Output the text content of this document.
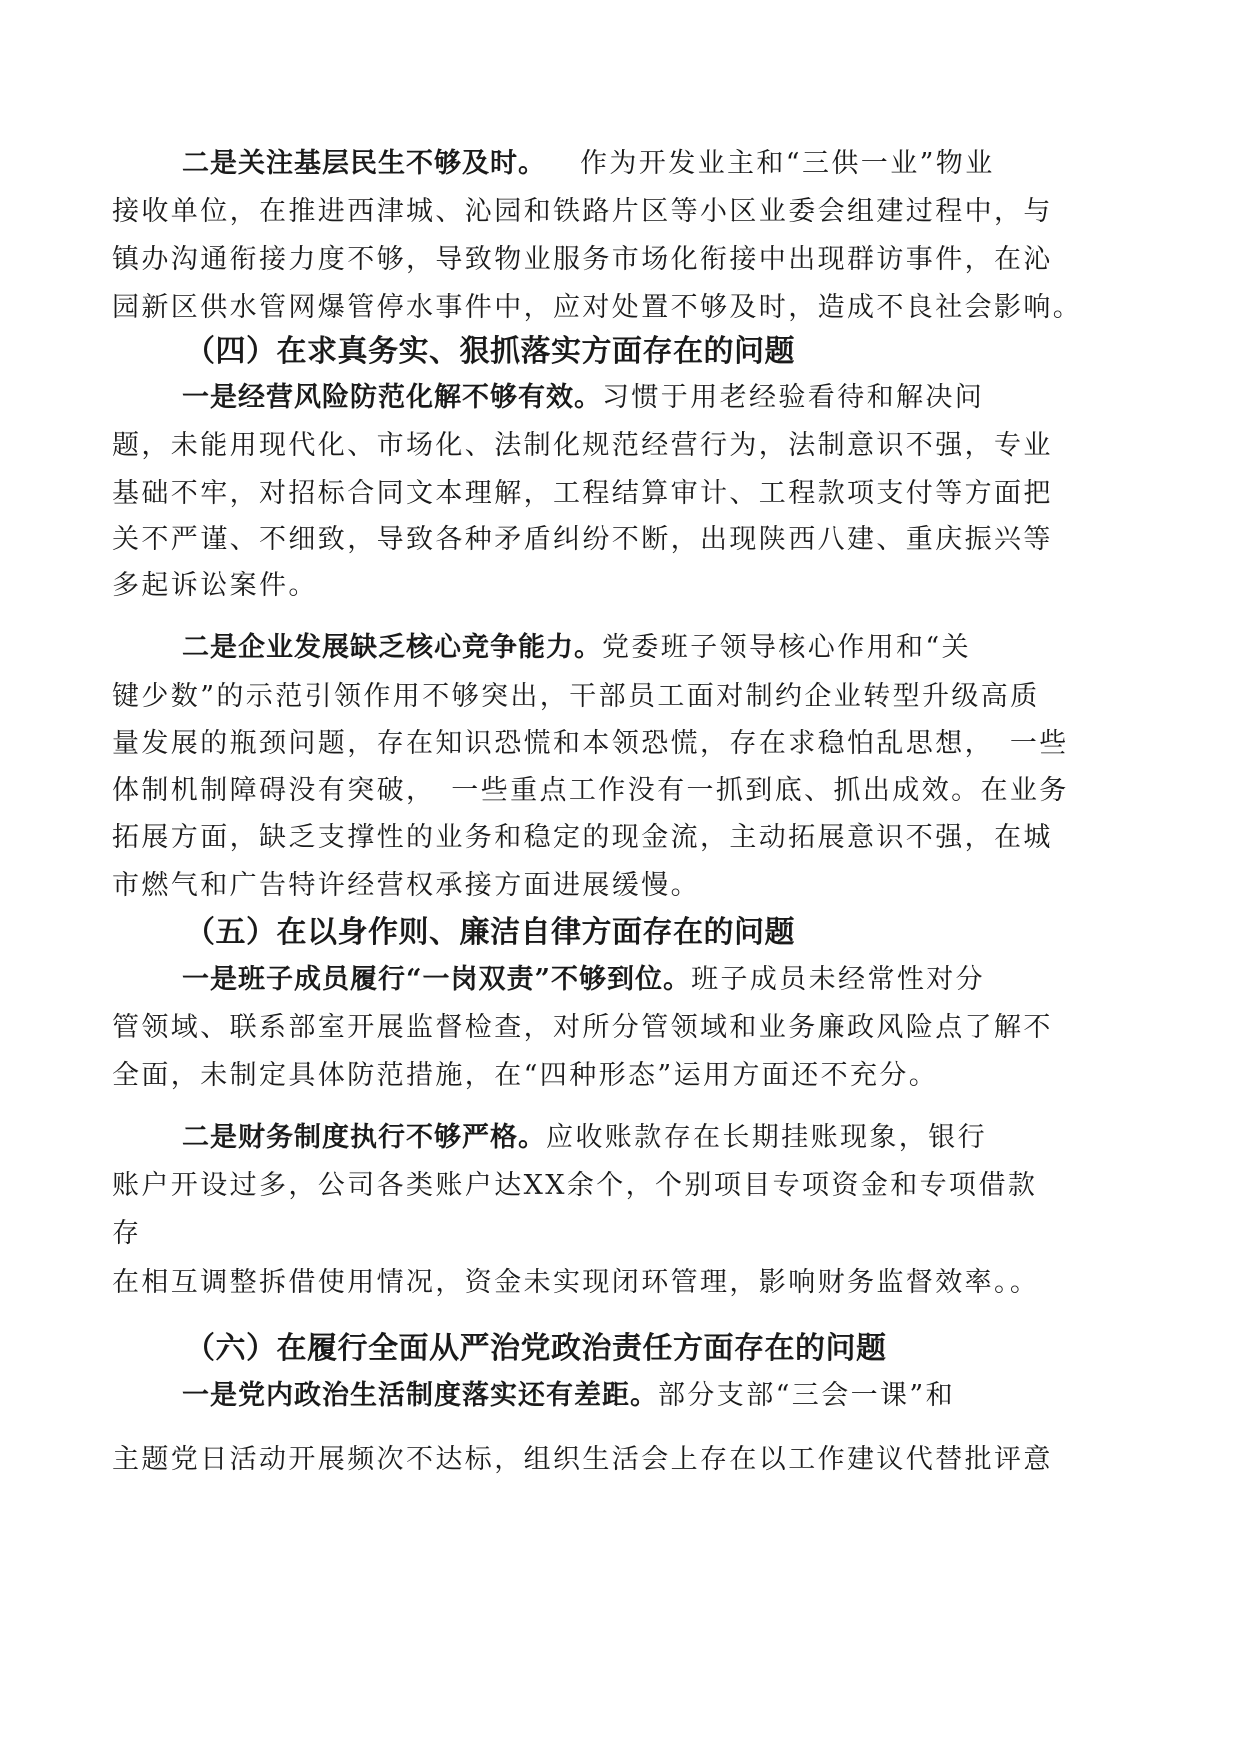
二是关注基层民生不够及时。 作为开发业主和“三供一业”物业
接收单位，在推进西津城、沁园和铁路片区等小区业委会组建过程中，与
镇办沟通衔接力度不够，导致物业服务市场化衔接中出现群访事件，在沁
园新区供水管网爆管停水事件中，应对处置不够及时，造成不良社会影响。
（四）在求真务实、狠抓落实方面存在的问题
一是经营风险防范化解不够有效。习惯于用老经验看待和解决问
题，未能用现代化、市场化、法制化规范经营行为，法制意识不强，专业
基础不牢，对招标合同文本理解，工程结算审计、工程款项支付等方面把
关不严谨、不细致，导致各种矛盾纠纷不断，出现陕西八建、重庆振兴等
多起诉讼案件。
二是企业发展缺乏核心竞争能力。党委班子领导核心作用和“关
键少数”的示范引领作用不够突出，干部员工面对制约企业转型升级高质
量发展的瓶颈问题，存在知识恐慌和本领恐慌，存在求稳怕乱思想，　一些
体制机制障碍没有突破，　一些重点工作没有一抓到底、抓出成效。在业务
拓展方面，缺乏支撑性的业务和稳定的现金流，主动拓展意识不强，在城
市燃气和广告特许经营权承接方面进展缓慢。
（五）在以身作则、廉洁自律方面存在的问题
一是班子成员履行“一岗双责”不够到位。班子成员未经常性对分
管领域、联系部室开展监督检查，对所分管领域和业务廉政风险点了解不
全面，未制定具体防范措施，在“四种形态”运用方面还不充分。
二是财务制度执行不够严格。应收账款存在长期挂账现象，银行
账户开设过多，公司各类账户达XX余个，个别项目专项资金和专项借款
存
在相互调整拆借使用情况，资金未实现闭环管理，影响财务监督效率。。
（六）在履行全面从严治党政治责任方面存在的问题
一是党内政治生活制度落实还有差距。部分支部“三会一课”和
主题党日活动开展频次不达标，组织生活会上存在以工作建议代替批评意
